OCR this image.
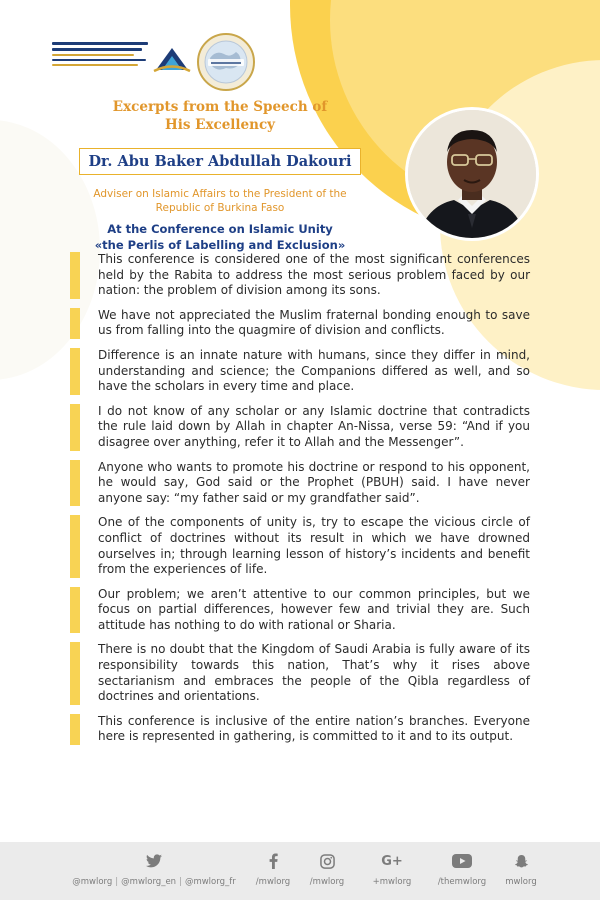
Excerpts from the Speech of His Excellency
Dr. Abu Baker Abdullah Dakouri
Adviser on Islamic Affairs to the President of the Republic of Burkina Faso
At the Conference on Islamic Unity
«the Perlis of Labelling and Exclusion»
This conference is considered one of the most significant conferences held by the Rabita to address the most serious problem faced by our nation: the problem of division among its sons.
We have not appreciated the Muslim fraternal bonding enough to save us from falling into the quagmire of division and conflicts.
Difference is an innate nature with humans, since they differ in mind, understanding and science; the Companions differed as well, and so have the scholars in every time and place.
I do not know of any scholar or any Islamic doctrine that contradicts the rule laid down by Allah in chapter An-Nissa, verse 59: “And if you disagree over anything, refer it to Allah and the Messenger”.
Anyone who wants to promote his doctrine or respond to his opponent, he would say, God said or the Prophet (PBUH) said. I have never anyone say: “my father said or my grandfather said”.
One of the components of unity is, try to escape the vicious circle of conflict of doctrines without its result in which we have drowned ourselves in; through learning lesson of history’s incidents and benefit from the experiences of life.
Our problem; we aren’t attentive to our common principles, but we focus on partial differences, however few and trivial they are. Such attitude has nothing to do with rational or Sharia.
There is no doubt that the Kingdom of Saudi Arabia is fully aware of its responsibility towards this nation, That’s why it rises above sectarianism and embraces the people of the Qibla regardless of doctrines and orientations.
This conference is inclusive of the entire nation’s branches. Everyone here is represented in gathering, is committed to it and to its output.
@mwlorg | @mwlorg_en | @mwlorg_fr	/mwlorg	/mwlorg
G+
+mwlorg	/themwlorg	mwlorg
